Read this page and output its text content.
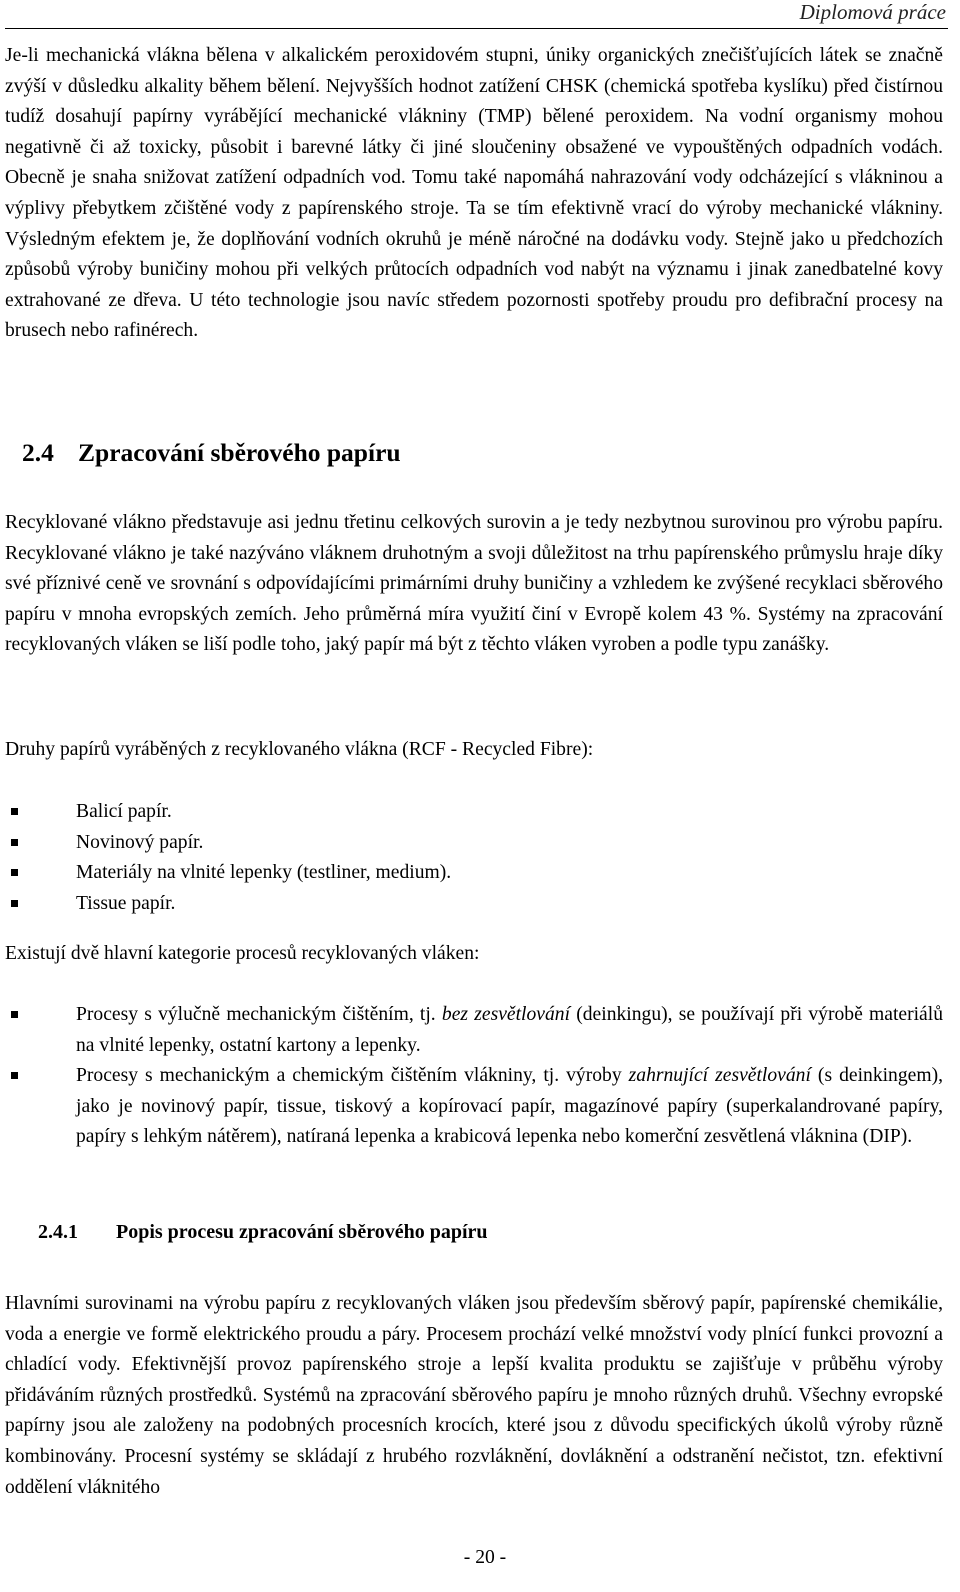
Diplomová práce

Je-li mechanická vlákna bělena v alkalickém peroxidovém stupni, úniky organických znečišťujících látek se značně zvýší v důsledku alkality během bělení. Nejvyšších hodnot zatížení CHSK (chemická spotřeba kyslíku) před čistírnou tudíž dosahují papírny vyrábějící mechanické vlákniny (TMP) bělené peroxidem. Na vodní organismy mohou negativně či až toxicky, působit i barevné látky či jiné sloučeniny obsažené ve vypouštěných odpadních vodách. Obecně je snaha snižovat zatížení odpadních vod. Tomu také napomáhá nahrazování vody odcházející s vlákninou a výplivy přebytkem zčištěné vody z papírenského stroje. Ta se tím efektivně vrací do výroby mechanické vlákniny. Výsledným efektem je, že doplňování vodních okruhů je méně náročné na dodávku vody. Stejně jako u předchozích způsobů výroby buničiny mohou při velkých průtocích odpadních vod nabýt na významu i jinak zanedbatelné kovy extrahované ze dřeva. U této technologie jsou navíc středem pozornosti spotřeby proudu pro defibrační procesy na brusech nebo rafinérech.

2.4 Zpracování sběrového papíru

Recyklované vlákno představuje asi jednu třetinu celkových surovin a je tedy nezbytnou surovinou pro výrobu papíru. Recyklované vlákno je také nazýváno vláknem druhotným a svoji důležitost na trhu papírenského průmyslu hraje díky své příznivé ceně ve srovnání s odpovídajícími primárními druhy buničiny a vzhledem ke zvýšené recyklaci sběrového papíru v mnoha evropských zemích. Jeho průměrná míra využití činí v Evropě kolem 43 %. Systémy na zpracování recyklovaných vláken se liší podle toho, jaký papír má být z těchto vláken vyroben a podle typu zanášky.

Druhy papírů vyráběných z recyklovaného vlákna (RCF - Recycled Fibre):

Balicí papír.
Novinový papír.
Materiály na vlnité lepenky (testliner, medium).
Tissue papír.

Existují dvě hlavní kategorie procesů recyklovaných vláken:

Procesy s výlučně mechanickým čištěním, tj. bez zesvětlování (deinkingu), se používají při výrobě materiálů na vlnité lepenky, ostatní kartony a lepenky.
Procesy s mechanickým a chemickým čištěním vlákniny, tj. výroby zahrnující zesvětlování (s deinkingem), jako je novinový papír, tissue, tiskový a kopírovací papír, magazínové papíry (superkalandrované papíry, papíry s lehkým nátěrem), natíraná lepenka a krabicová lepenka nebo komerční zesvětlená vláknina (DIP).
2.4.1 Popis procesu zpracování sběrového papíru

Hlavními surovinami na výrobu papíru z recyklovaných vláken jsou především sběrový papír, papírenské chemikálie, voda a energie ve formě elektrického proudu a páry. Procesem prochází velké množství vody plnící funkci provozní a chladící vody. Efektivnější provoz papírenského stroje a lepší kvalita produktu se zajišťuje v průběhu výroby přidáváním různých prostředků. Systémů na zpracování sběrového papíru je mnoho různých druhů. Všechny evropské papírny jsou ale založeny na podobných procesních krocích, které jsou z důvodu specifických úkolů výroby různě kombinovány. Procesní systémy se skládají z hrubého rozvláknění, dovláknění a odstranění nečistot, tzn. efektivní oddělení vláknitého

- 20 -
